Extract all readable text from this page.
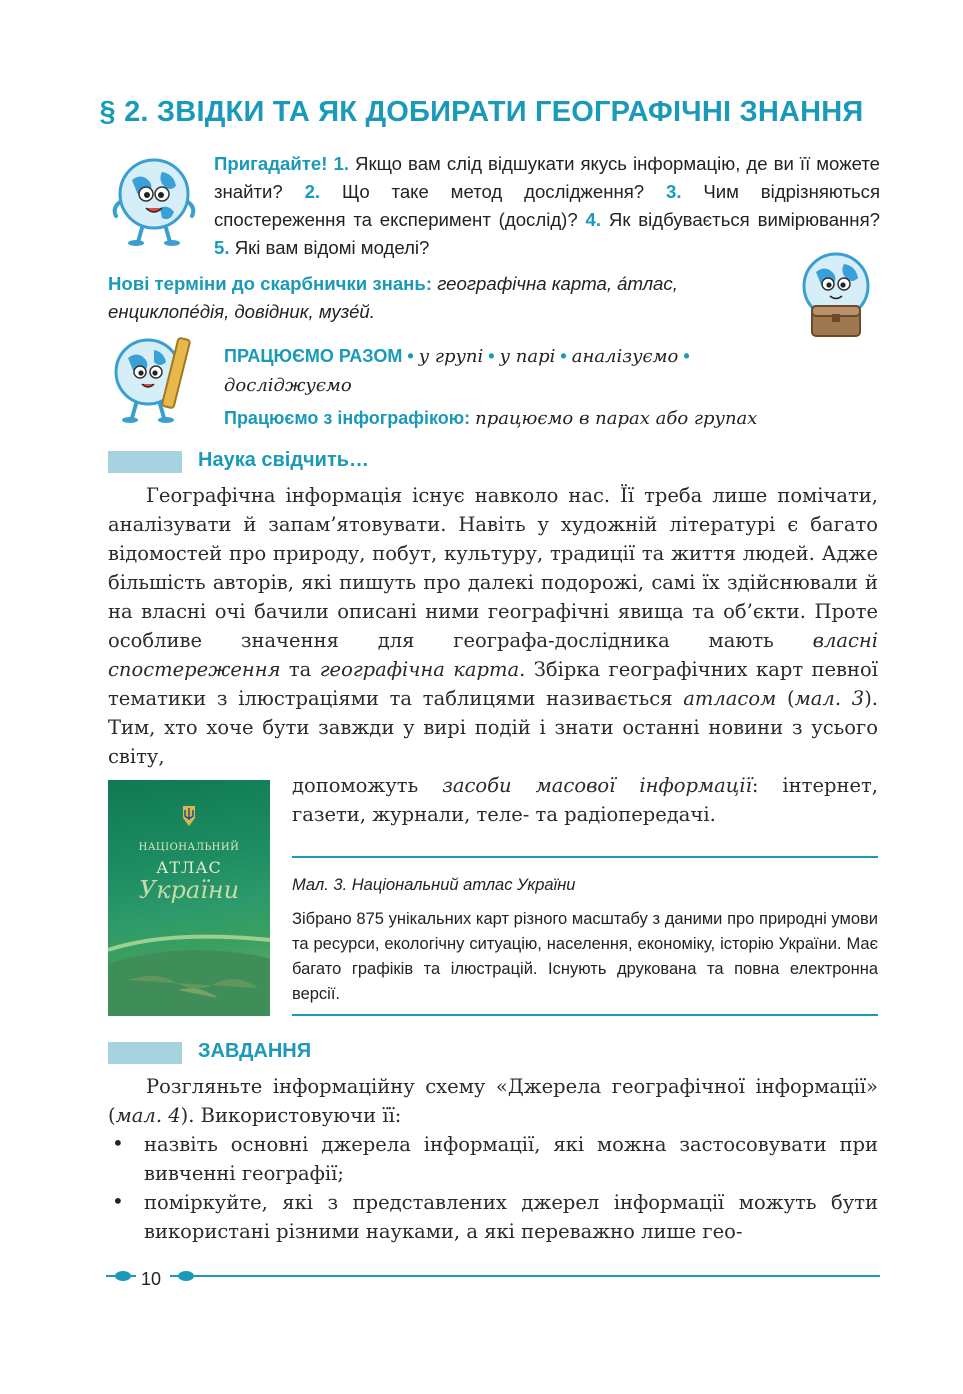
§ 2. ЗВІДКИ ТА ЯК ДОБИРАТИ ГЕОГРАФІЧНІ ЗНАННЯ
Пригадайте! 1. Якщо вам слід відшукати якусь інформацію, де ви її можете знайти? 2. Що таке метод дослідження? 3. Чим відрізняються спостереження та експеримент (дослід)? 4. Як відбувається вимірювання? 5. Які вам відомі моделі?
Нові терміни до скарбнички знань: географічна карта, а́тлас, енциклопе́дія, довідник, музе́й.
ПРАЦЮЄМО РАЗОМ • у групі • у парі • аналізуємо •
досліджуємо
Працюємо з інфографікою: працюємо в парах або групах
Наука свідчить…
Географічна інформація існує навколо нас. Її треба лише помічати, аналізувати й запам’ятовувати. Навіть у художній літературі є багато відомостей про природу, побут, культуру, традиції та життя людей. Адже більшість авторів, які пишуть про далекі подорожі, самі їх здійснювали й на власні очі бачили описані ними географічні явища та об’єкти. Проте особливе значення для географа-дослідника мають власні спостереження та географічна карта. Збірка географічних карт певної тематики з ілюстраціями та таблицями називається атласом (мал. 3). Тим, хто хоче бути завжди у вирі подій і знати останні новини з усього світу,
допоможуть засоби масової інформації: інтернет, газети, журнали, теле- та радіопередачі.
НАЦІОНАЛЬНИЙ
АТЛАС
України	Мал. 3. Національний атлас України
Зібрано 875 унікальних карт різного масштабу з даними про природні умови та ресурси, екологічну ситуацію, населення, економіку, історію України. Має багато графіків та ілюстрацій. Існують друкована та повна електронна версії.
ЗАВДАННЯ
Розгляньте інформаційну схему «Джерела географічної інформації» (мал. 4). Використовуючи її:
• назвіть основні джерела інформації, які можна застосовувати при вивченні географії;
• поміркуйте, які з представлених джерел інформації можуть бути використані різними науками, а які переважно лише гео-
10
